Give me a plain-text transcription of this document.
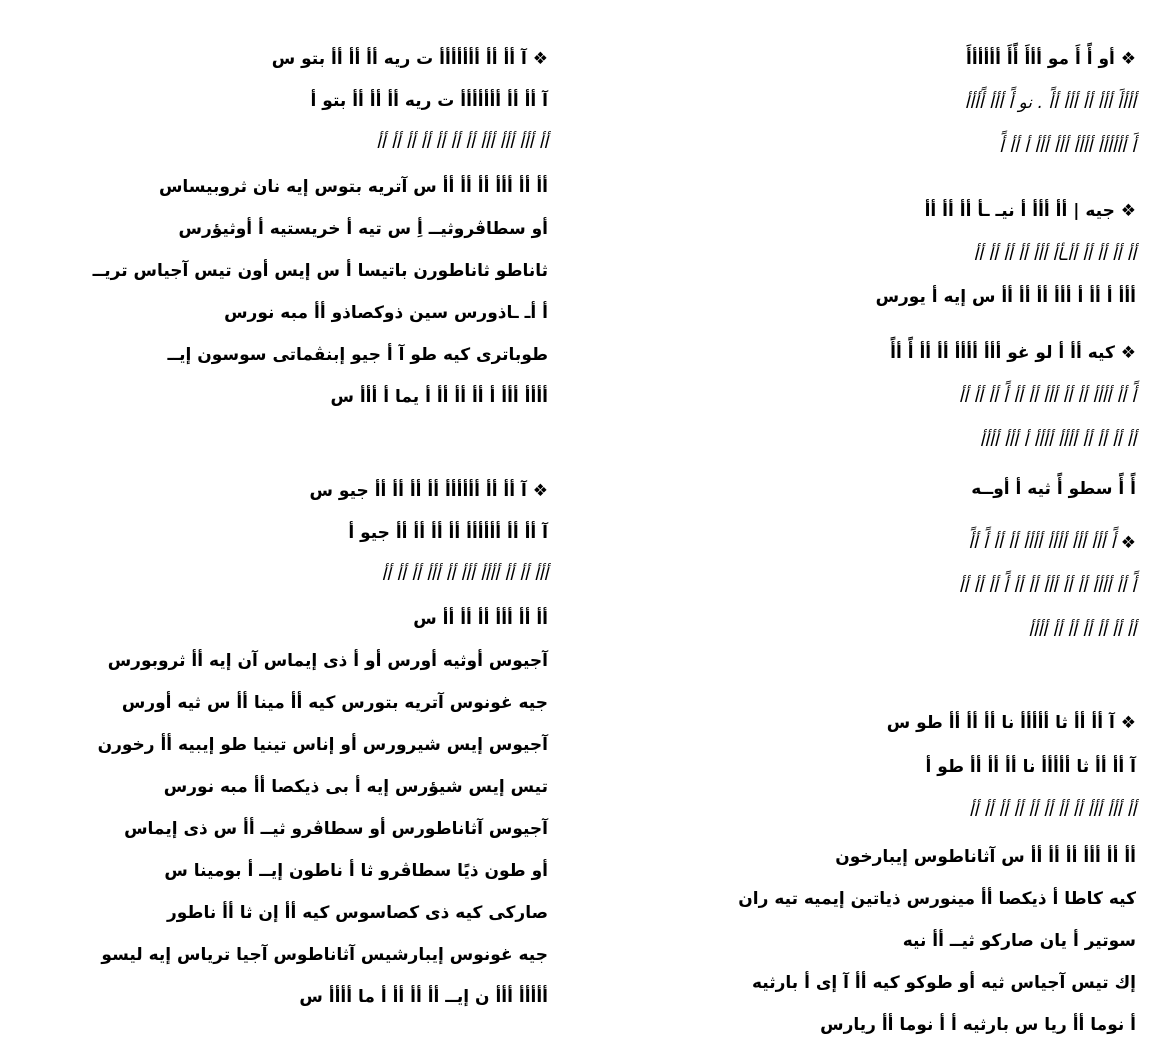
❖ أو أً أَ مو أأأَ أًأَ أأأأأأَ
أأأأَ أأأ أأ أأأ أأً . نو أً أأأ أًأأأ
أَ أأأأأأ أأأأ أأأ أأأ أ أأ أً
❖ جيه | أأ أأأ أ نيـ ـأ أأ أأ أأ
أأ أأ أأ أأ أأـأأ أأأ أأ أأ أأ أأ
أأأ أ أأ أ أأأ أأ أأ أأ س إيه أ يورس
❖ كيه أأ أ لو غو أأأ أأأأ أأ أأ أً أأً
أً أأ أأأأ أأ أأ أأأ أأ أأ أً أأ أأ أأ
أأ أأ أأ أأ أأأأ أأأأ أ أأأ أأأأ
أً أً سطو أً ثيه أ أوــه
❖ أً أأأ أأأ أأأأ أأأأ أأ أأ أً أأً
أً أأ أأأأ أأ أأ أأأ أأ أأ أً أأ أأ أأ
أأ أأ أأ أأ أأ أأ أأأأ
❖ آ أأ أأ ثا أأأأأ نا أأ أأ أأ طو س
آ أأ أأ ثا أأأأأ نا أأ أأ أأ طو أ
أأ أأأ أأأ أأ أأ أأ أأ أأ أأ أأ أأ
أأ أأ أأأ أأ أأ أأ س آثاناطوس إيبارخون
كيه كاطا أ ذيكصا أأ مينورس ذياتين إيميه تيه ران
سوتير أ يان صاركو ثيــ أأ نيه
إك تيس آجياس ثيه أو طوكو كيه أأ آ إى أ بارثيه
أ نوما أأ ريا س بارثيه أ أ نوما أأ ريارس
❖ آ أأ أأ أأأأأأأ ت ريه أأ أأ أأ بتو س
آ أأ أأ أأأأأأأ ت ريه أأ أأ أأ بتو أ
أأ أأأ أأأ أأأ أأ أأ أأ أأ أأ أأ أأ
أأ أأ أأأ أأ أأ أأ س آتريه بتوس إيه نان ثروبيساس
أو سطاڤروثيــ أِ س تيه أ خريستيه أ أوثيؤرس
ثاناطو ثاناطورن باتيسا أ س إيس أون تيس آجياس تريــ
أ أـ ـاذورس سين ذوكصاذو أأ مبه نورس
طوباترى كيه طو آ أ جيو إبنڤماتى سوسون إيــ
أأأأ أأأ أ أأ أأ أأ أ يما أ أأأ س
❖ آ أأ أأ أأأأأأ أأ أأ أأ أأ جيو س
آ أأ أأ أأأأأأ أأ أأ أأ أأ جيو أ
أأأ أأ أأ أأأأ أأأ أأ أأأ أأ أأ أأ
أأ أأ أأأ أأ أأ أأ س
آجيوس أوثيه أورس أو أ ذى إيماس آن إيه أأ ثروبورس
جيه غونوس آتريه بتورس كيه أأ مينا أأ س ثيه أورس
آجيوس إيس شيرورس أو إناس تينيا طو إيبيه أأ رخورن
تيس إيس شيؤرس إيه أ بى ذيكصا أأ مبه نورس
آجيوس آثاناطورس أو سطاڤرو ثيــ أأ س ذى إيماس
أو طون ذيًا سطاڤرو ثا أ ناطون إيــ أ بومينا س
صاركى كيه ذى كصاسوس كيه أأ إن ثا أأ ناطور
جيه غونوس إيبارشيس آثاناطوس آجيا ترياس إيه ليسو
أأأأأ أأأ ن إيــ أأ أأ أأ أ ما أأأأ س
